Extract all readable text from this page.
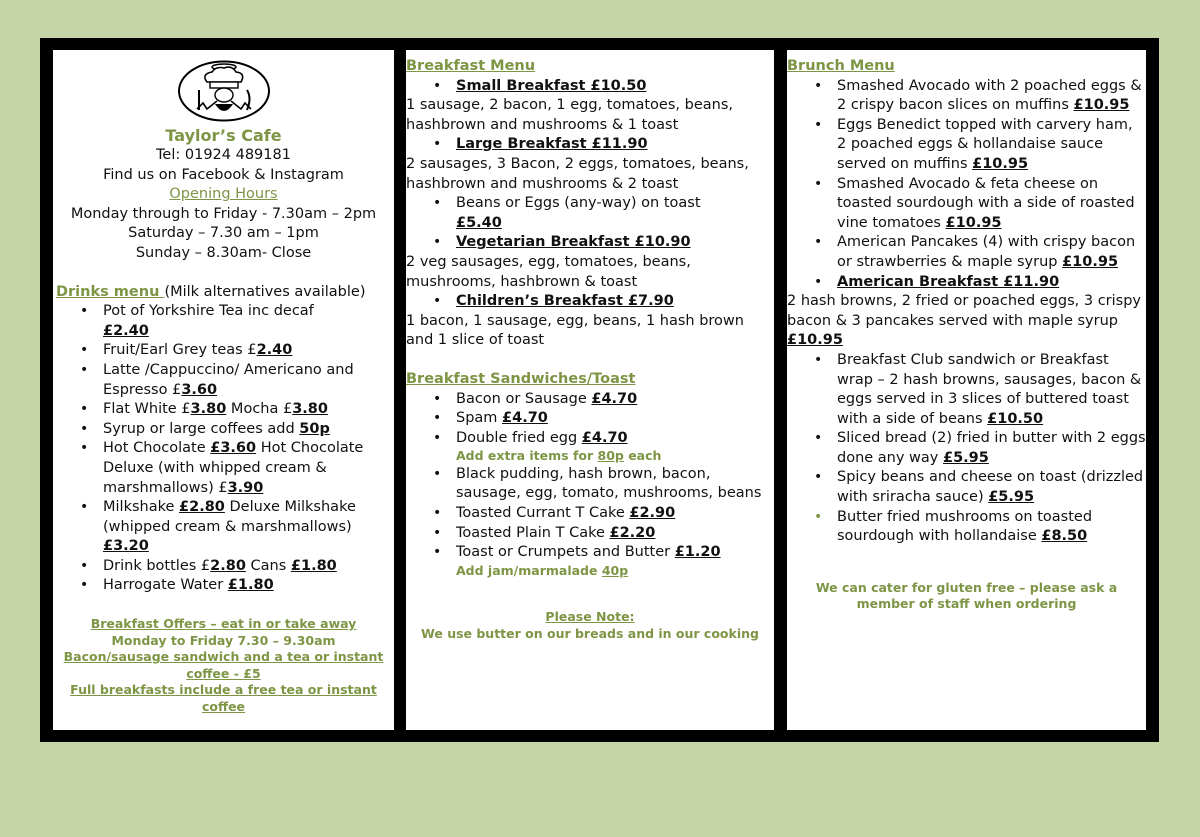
Taylor’s Cafe
Tel: 01924 489181
Find us on Facebook & Instagram
Opening Hours
Monday through to Friday - 7.30am – 2pm
Saturday – 7.30 am – 1pm
Sunday – 8.30am- Close
Drinks menu (Milk alternatives available)
• Pot of Yorkshire Tea inc decaf
£2.40
• Fruit/Earl Grey teas £2.40
• Latte /Cappuccino/ Americano and Espresso £3.60
• Flat White £3.80 Mocha £3.80
• Syrup or large coffees add 50p
• Hot Chocolate £3.60 Hot Chocolate Deluxe (with whipped cream & marshmallows) £3.90
• Milkshake £2.80 Deluxe Milkshake (whipped cream & marshmallows) £3.20
• Drink bottles £2.80 Cans £1.80
• Harrogate Water £1.80
Breakfast Offers – eat in or take away
Monday to Friday 7.30 – 9.30am
Bacon/sausage sandwich and a tea or instant coffee - £5
Full breakfasts include a free tea or instant coffee
Breakfast Menu
• Small Breakfast £10.50
1 sausage, 2 bacon, 1 egg, tomatoes, beans, hashbrown and mushrooms & 1 toast
• Large Breakfast £11.90
2 sausages, 3 Bacon, 2 eggs, tomatoes, beans, hashbrown and mushrooms & 2 toast
• Beans or Eggs (any-way) on toast
£5.40
• Vegetarian Breakfast £10.90
2 veg sausages, egg, tomatoes, beans, mushrooms, hashbrown & toast
• Children’s Breakfast £7.90
1 bacon, 1 sausage, egg, beans, 1 hash brown and 1 slice of toast
Breakfast Sandwiches/Toast
• Bacon or Sausage £4.70
• Spam £4.70
• Double fried egg £4.70
Add extra items for 80p each
• Black pudding, hash brown, bacon, sausage, egg, tomato, mushrooms, beans
• Toasted Currant T Cake £2.90
• Toasted Plain T Cake £2.20
• Toast or Crumpets and Butter £1.20
Add jam/marmalade 40p
Please Note:
We use butter on our breads and in our cooking
Brunch Menu
• Smashed Avocado with 2 poached eggs & 2 crispy bacon slices on muffins £10.95
• Eggs Benedict topped with carvery ham, 2 poached eggs & hollandaise sauce served on muffins £10.95
• Smashed Avocado & feta cheese on toasted sourdough with a side of roasted vine tomatoes £10.95
• American Pancakes (4) with crispy bacon or strawberries & maple syrup £10.95
• American Breakfast £11.90
2 hash browns, 2 fried or poached eggs, 3 crispy bacon & 3 pancakes served with maple syrup £10.95
• Breakfast Club sandwich or Breakfast wrap – 2 hash browns, sausages, bacon & eggs served in 3 slices of buttered toast with a side of beans £10.50
• Sliced bread (2) fried in butter with 2 eggs done any way £5.95
• Spicy beans and cheese on toast (drizzled with sriracha sauce) £5.95
• Butter fried mushrooms on toasted sourdough with hollandaise £8.50
We can cater for gluten free – please ask a member of staff when ordering
